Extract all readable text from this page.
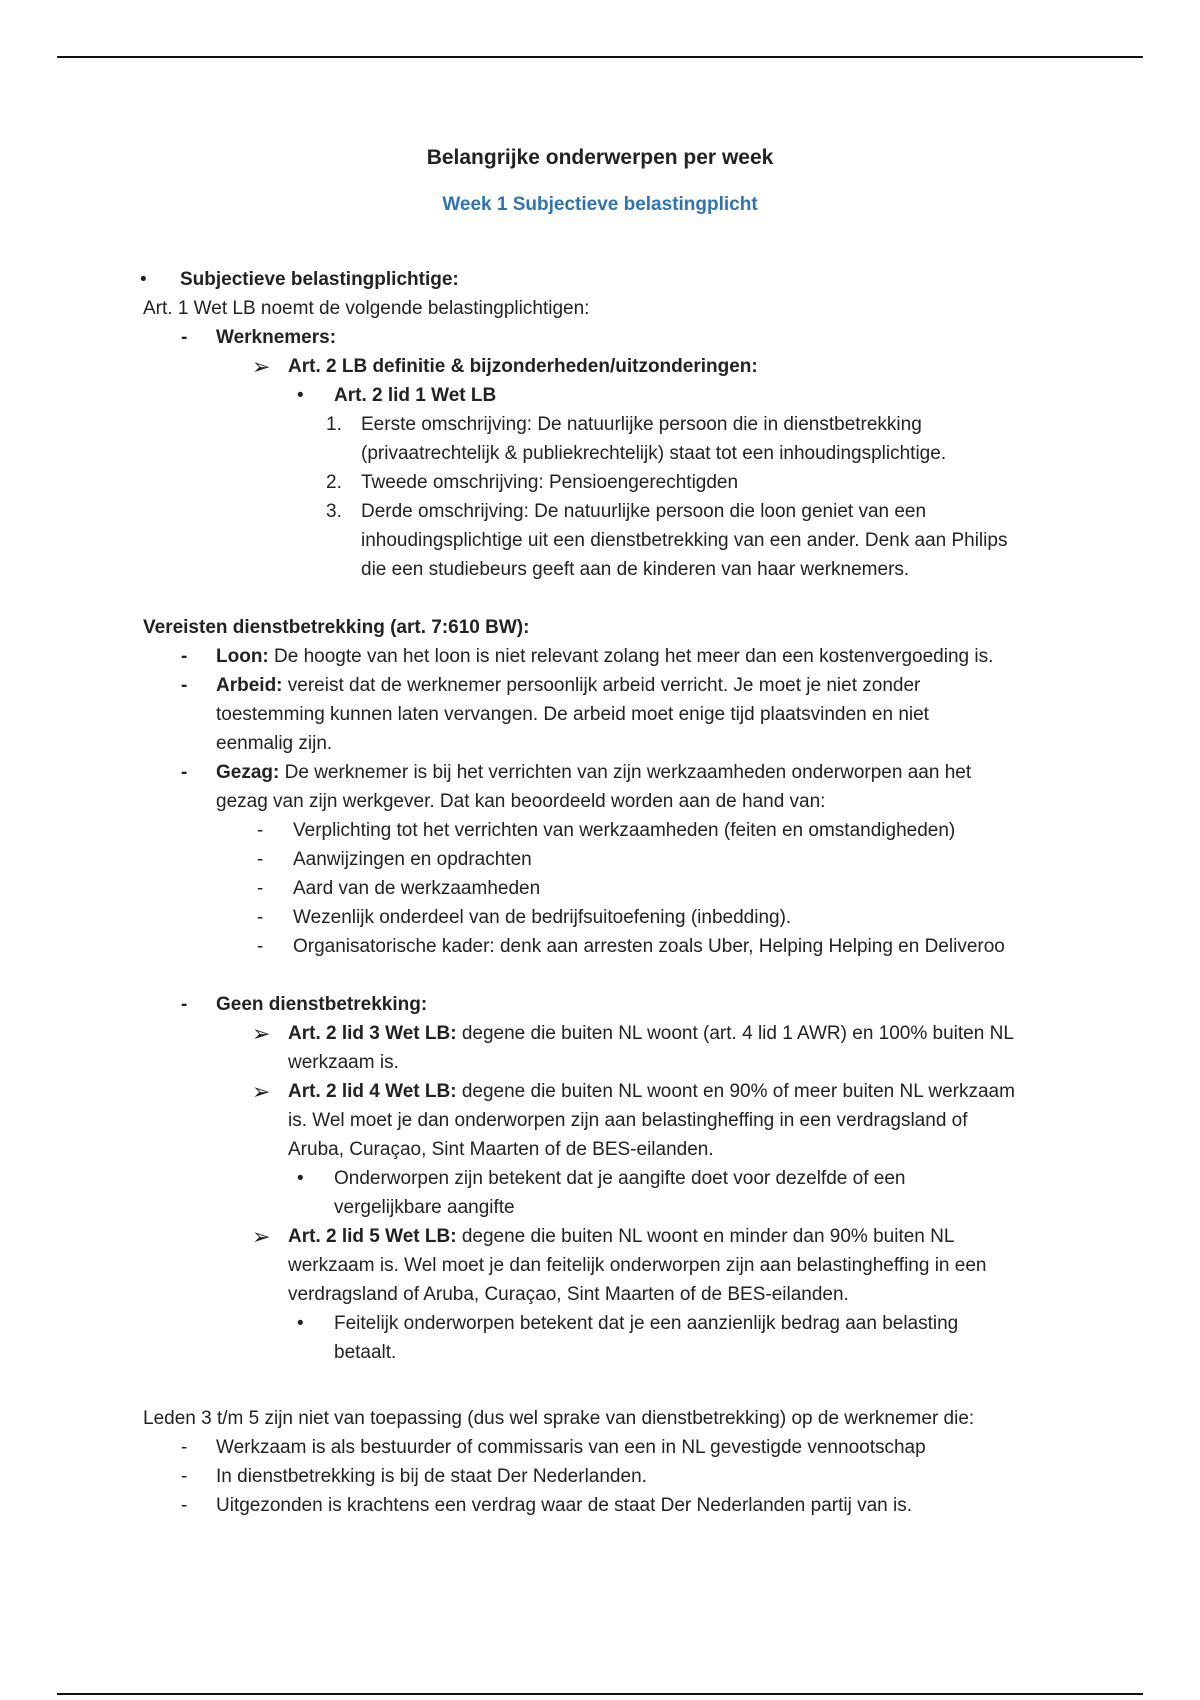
Belangrijke onderwerpen per week
Week 1 Subjectieve belastingplicht
• Subjectieve belastingplichtige:
Art. 1 Wet LB noemt de volgende belastingplichtigen:
- Werknemers:
➢ Art. 2 LB definitie & bijzonderheden/uitzonderingen:
• Art. 2 lid 1 Wet LB
1. Eerste omschrijving: De natuurlijke persoon die in dienstbetrekking
(privaatrechtelijk & publiekrechtelijk) staat tot een inhoudingsplichtige.
2. Tweede omschrijving: Pensioengerechtigden
3. Derde omschrijving: De natuurlijke persoon die loon geniet van een
inhoudingsplichtige uit een dienstbetrekking van een ander. Denk aan Philips
die een studiebeurs geeft aan de kinderen van haar werknemers.
Vereisten dienstbetrekking (art. 7:610 BW):
- Loon: De hoogte van het loon is niet relevant zolang het meer dan een kostenvergoeding is.
- Arbeid: vereist dat de werknemer persoonlijk arbeid verricht. Je moet je niet zonder
toestemming kunnen laten vervangen. De arbeid moet enige tijd plaatsvinden en niet
eenmalig zijn.
- Gezag: De werknemer is bij het verrichten van zijn werkzaamheden onderworpen aan het
gezag van zijn werkgever. Dat kan beoordeeld worden aan de hand van:
- Verplichting tot het verrichten van werkzaamheden (feiten en omstandigheden)
- Aanwijzingen en opdrachten
- Aard van de werkzaamheden
- Wezenlijk onderdeel van de bedrijfsuitoefening (inbedding).
- Organisatorische kader: denk aan arresten zoals Uber, Helping Helping en Deliveroo
- Geen dienstbetrekking:
➢ Art. 2 lid 3 Wet LB: degene die buiten NL woont (art. 4 lid 1 AWR) en 100% buiten NL
werkzaam is.
➢ Art. 2 lid 4 Wet LB: degene die buiten NL woont en 90% of meer buiten NL werkzaam
is. Wel moet je dan onderworpen zijn aan belastingheffing in een verdragsland of
Aruba, Curaçao, Sint Maarten of de BES-eilanden.
• Onderworpen zijn betekent dat je aangifte doet voor dezelfde of een
vergelijkbare aangifte
➢ Art. 2 lid 5 Wet LB: degene die buiten NL woont en minder dan 90% buiten NL
werkzaam is. Wel moet je dan feitelijk onderworpen zijn aan belastingheffing in een
verdragsland of Aruba, Curaçao, Sint Maarten of de BES-eilanden.
• Feitelijk onderworpen betekent dat je een aanzienlijk bedrag aan belasting
betaalt.
Leden 3 t/m 5 zijn niet van toepassing (dus wel sprake van dienstbetrekking) op de werknemer die:
- Werkzaam is als bestuurder of commissaris van een in NL gevestigde vennootschap
- In dienstbetrekking is bij de staat Der Nederlanden.
- Uitgezonden is krachtens een verdrag waar de staat Der Nederlanden partij van is.
